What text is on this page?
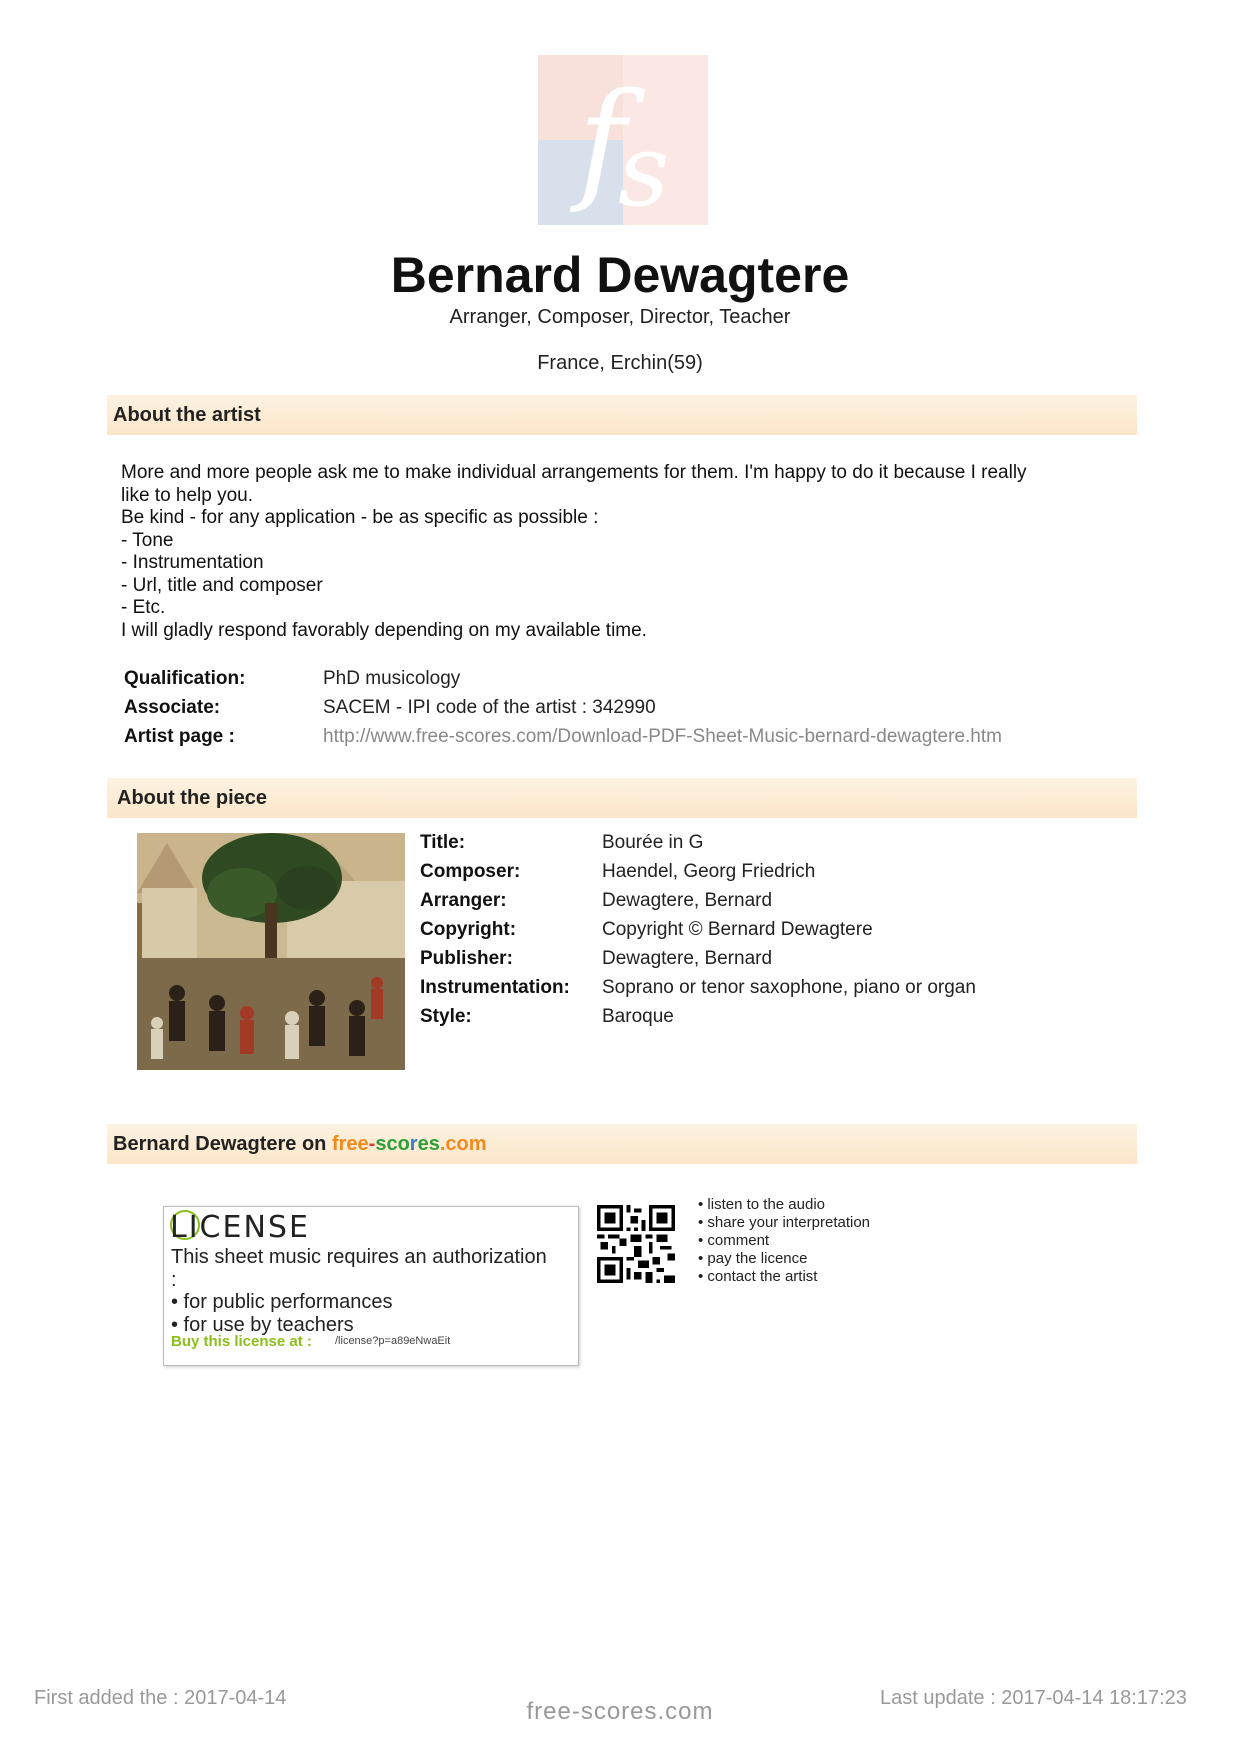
f
s
Bernard Dewagtere
Arranger, Composer, Director, Teacher
France, Erchin(59)
About the artist
More and more people ask me to make individual arrangements for them. I'm happy to do it because I really
like to help you.
Be kind - for any application - be as specific as possible :
- Tone
- Instrumentation
- Url, title and composer
- Etc.
I will gladly respond favorably depending on my available time.
Qualification:	PhD musicology
Associate:	SACEM - IPI code of the artist : 342990
Artist page :	http://www.free-scores.com/Download-PDF-Sheet-Music-bernard-dewagtere.htm
About the piece
Title:	Bourée in G
Composer:	Haendel, Georg Friedrich
Arranger:	Dewagtere, Bernard
Copyright:	Copyright © Bernard Dewagtere
Publisher:	Dewagtere, Bernard
Instrumentation: Soprano or tenor saxophone, piano or organ
Style:	Baroque
Bernard Dewagtere on free-scores.com
LICENSE
This sheet music requires an authorization
:
• for public performances
• for use by teachers
Buy this license at : /license?p=a89eNwaEit
• listen to the audio
• share your interpretation
• comment
• pay the licence
• contact the artist
First added the : 2017-04-14	Last update : 2017-04-14 18:17:23
free-scores.com
